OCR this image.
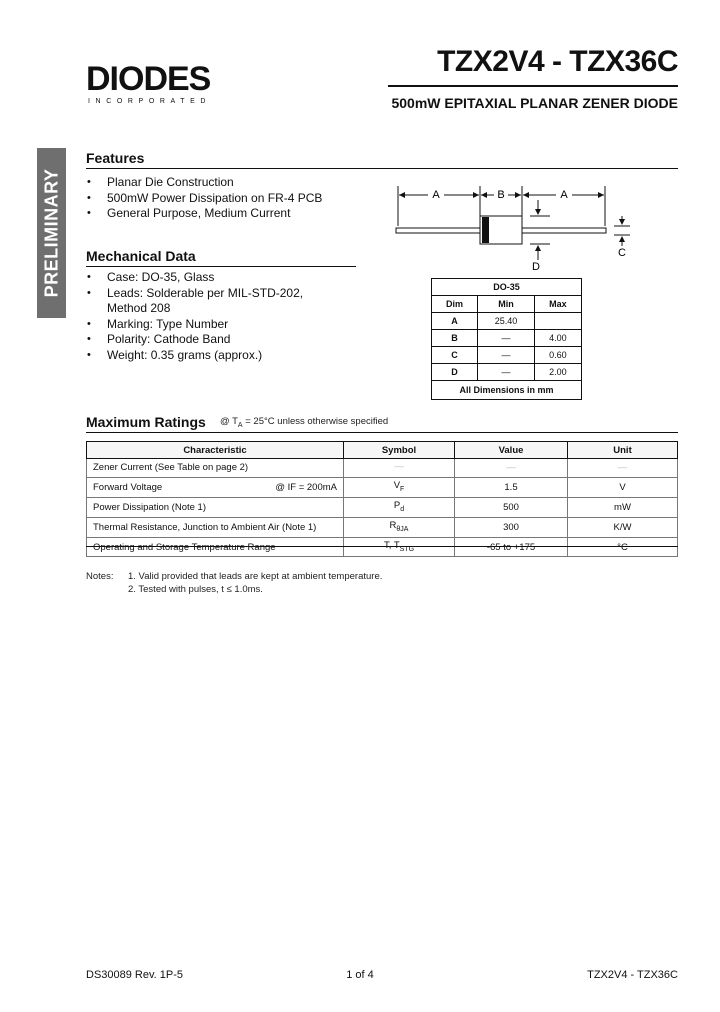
DIODES
INCORPORATED
TZX2V4 - TZX36C
500mW EPITAXIAL PLANAR ZENER DIODE
PRELIMINARY
Features
• Planar Die Construction
• 500mW Power Dissipation on FR-4 PCB
• General Purpose, Medium Current
Mechanical Data
• Case: DO-35, Glass
• Leads: Solderable per MIL-STD-202, Method 208
• Marking: Type Number
• Polarity: Cathode Band
• Weight: 0.35 grams (approx.)
A	B	A
C
D
DO-35		
Dim	Min	Max
A	25.40	
B	—	4.00
C	—	0.60
D	—	2.00
All Dimensions in mm		
Maximum Ratings @ $T_A = 25^\circ C$ unless otherwise specified
Characteristic	Symbol	Value	Unit

Zener Current (See Table on page 2)	—	—	—

Forward Voltage @ IF = 200mA	$V_F$	1.5	V

Power Dissipation (Note 1)	$P_d$	500	mW

Thermal Resistance, Junction to Ambient Air (Note 1)	$R_{\theta JA}$	300	K/W

Operating and Storage Temperature Range	T, $T_{STG}$	-65 to +175	°C
Notes: 1. Valid provided that leads are kept at ambient temperature.
2. Tested with pulses, t ≤ 1.0ms.
DS30089 Rev. 1P-5	1 of 4	TZX2V4 - TZX36C
